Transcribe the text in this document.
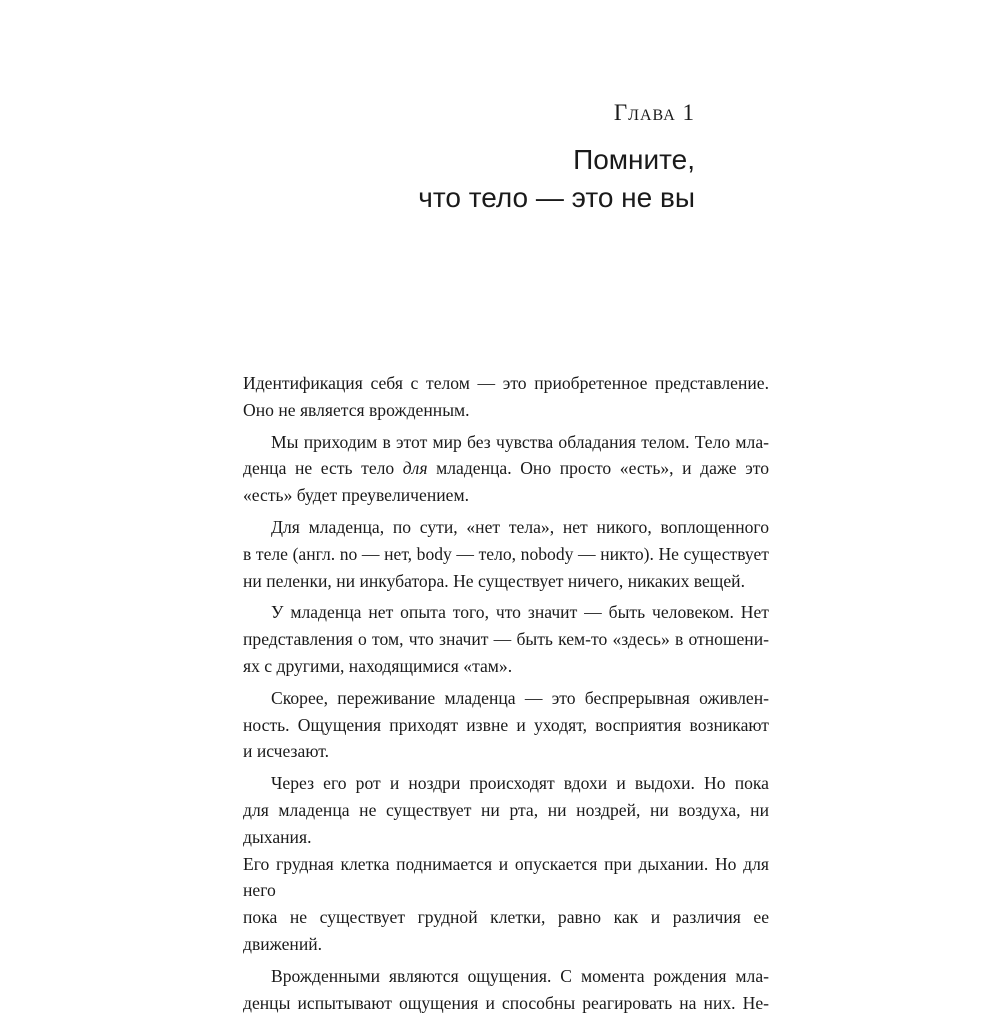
Глава 1
Помните,
что тело — это не вы

Идентификация себя с телом — это приобретенное представление.
Оно не является врожденным.

Мы приходим в этот мир без чувства обладания телом. Тело мла-
денца не есть тело для младенца. Оно просто «есть», и даже это
«есть» будет преувеличением.

Для младенца, по сути, «нет тела», нет никого, воплощенного
в теле (англ. no — нет, body — тело, nobody — никто). Не существует
ни пеленки, ни инкубатора. Не существует ничего, никаких вещей.

У младенца нет опыта того, что значит — быть человеком. Нет
представления о том, что значит — быть кем-то «здесь» в отношени-
ях с другими, находящимися «там».

Скорее, переживание младенца — это беспрерывная оживлен-
ность. Ощущения приходят извне и уходят, восприятия возникают
и исчезают.

Через его рот и ноздри происходят вдохи и выдохи. Но пока
для младенца не существует ни рта, ни ноздрей, ни воздуха, ни дыхания.
Его грудная клетка поднимается и опускается при дыхании. Но для него
пока не существует грудной клетки, равно как и различия ее движений.

Врожденными являются ощущения. С момента рождения мла-
денцы испытывают ощущения и способны реагировать на них. Не-
